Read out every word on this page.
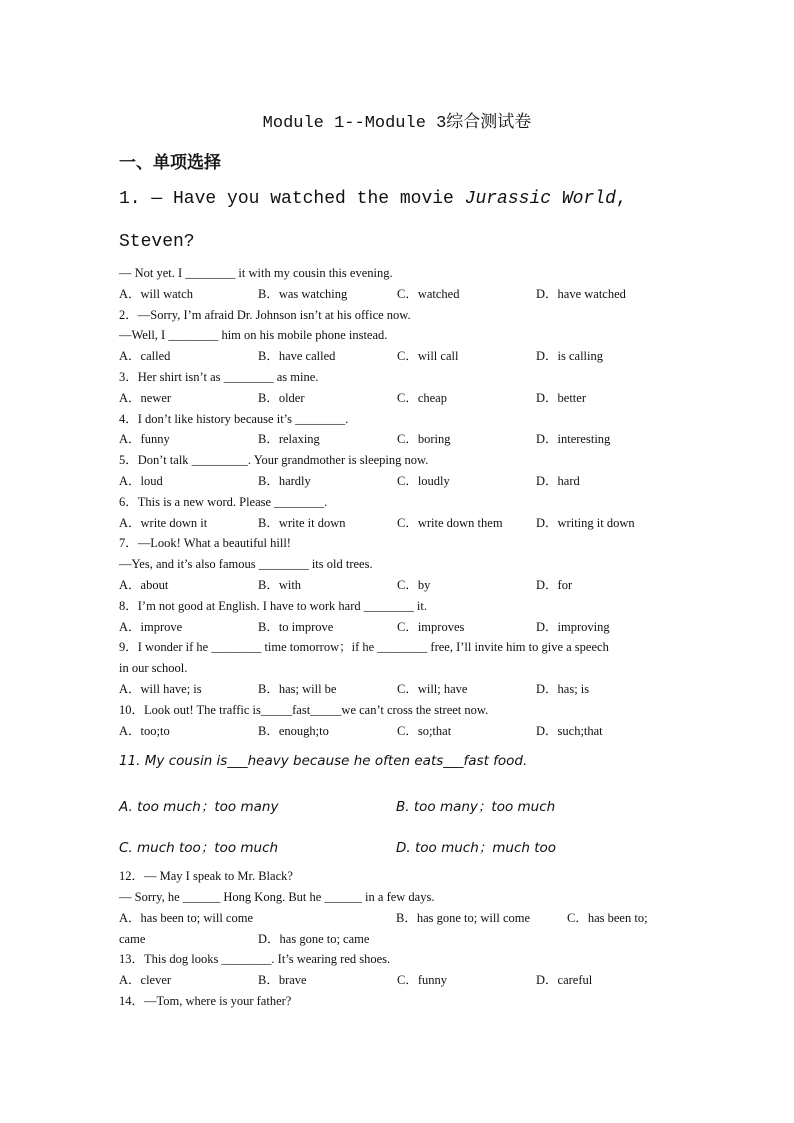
Module 1--Module 3综合测试卷
一、单项选择
1. — Have you watched the movie Jurassic World,
Steven?
— Not yet. I ________ it with my cousin this evening.
A．will watch	B．was watching	C．watched	D．have watched
2．—Sorry, I’m afraid Dr. Johnson isn’t at his office now.
—Well, I ________ him on his mobile phone instead.
A．called	B．have called	C．will call	D．is calling
3．Her shirt isn’t as ________ as mine.
A．newer	B．older	C．cheap	D．better
4．I don’t like history because it’s ________.
A．funny	B．relaxing	C．boring	D．interesting
5．Don’t talk _________. Your grandmother is sleeping now.
A．loud	B．hardly	C．loudly	D．hard
6．This is a new word. Please ________.
A．write down it	B．write it down	C．write down them	D．writing it down
7．—Look! What a beautiful hill!
—Yes, and it’s also famous ________ its old trees.
A．about	B．with	C．by	D．for
8．I’m not good at English. I have to work hard ________ it.
A．improve	B．to improve	C．improves	D．improving
9．I wonder if he ________ time tomorrow；if he ________ free, I’ll invite him to give a speech
in our school.
A．will have; is	B．has; will be	C．will; have	D．has; is
10．Look out! The traffic is_____fast_____we can’t cross the street now.
A．too;to	B．enough;to	C．so;that	D．such;that
11. My cousin is___heavy because he often eats___fast food.
A. too much；too many	B. too many；too much
C. much too；too much	D. too much；much too
12．— May I speak to Mr. Black?
— Sorry, he ______ Hong Kong. But he ______ in a few days.
A．has been to; will come	B．has gone to; will come	C．has been to;
came	D．has gone to; came
13．This dog looks ________. It’s wearing red shoes.
A．clever	B．brave	C．funny	D．careful
14．—Tom, where is your father?
